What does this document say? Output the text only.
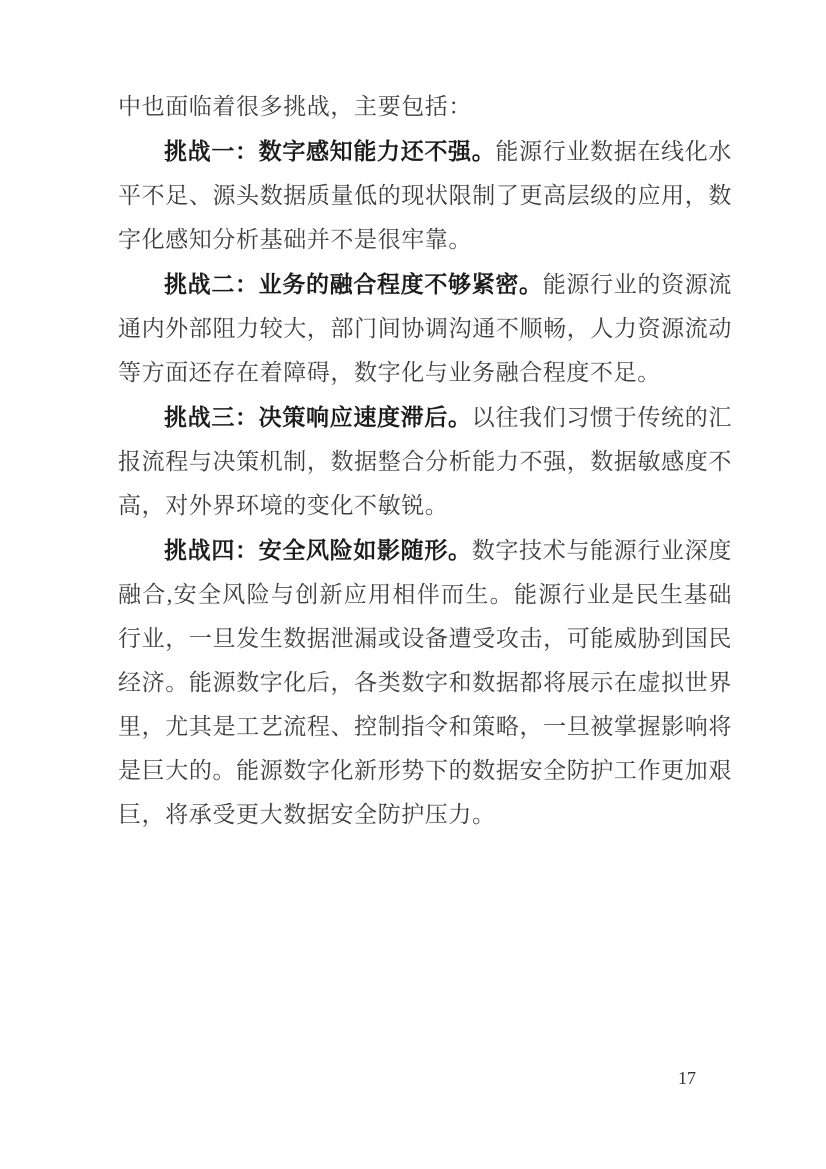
中也面临着很多挑战，主要包括：

挑战一：数字感知能力还不强。能源行业数据在线化水平不足、源头数据质量低的现状限制了更高层级的应用，数字化感知分析基础并不是很牢靠。

挑战二：业务的融合程度不够紧密。能源行业的资源流通内外部阻力较大，部门间协调沟通不顺畅，人力资源流动等方面还存在着障碍，数字化与业务融合程度不足。

挑战三：决策响应速度滞后。以往我们习惯于传统的汇报流程与决策机制，数据整合分析能力不强，数据敏感度不高，对外界环境的变化不敏锐。

挑战四：安全风险如影随形。数字技术与能源行业深度融合,安全风险与创新应用相伴而生。能源行业是民生基础行业，一旦发生数据泄漏或设备遭受攻击，可能威胁到国民经济。能源数字化后，各类数字和数据都将展示在虚拟世界里，尤其是工艺流程、控制指令和策略，一旦被掌握影响将是巨大的。能源数字化新形势下的数据安全防护工作更加艰巨，将承受更大数据安全防护压力。

17
